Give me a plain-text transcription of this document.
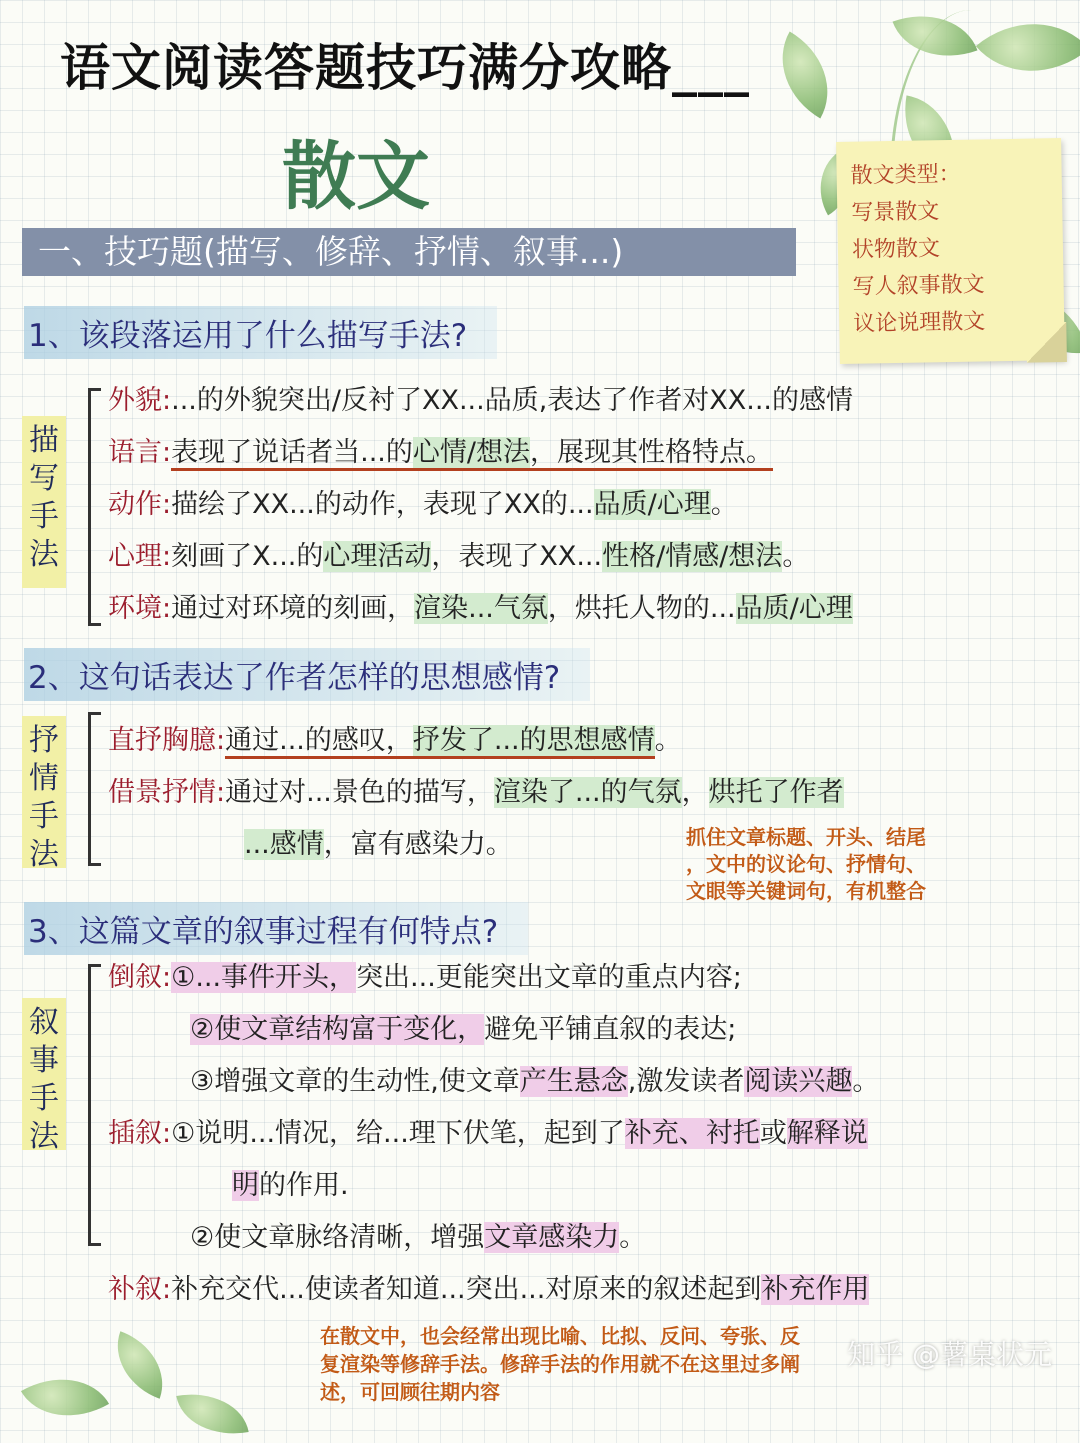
语文阅读答题技巧满分攻略___
散文	散文类型：
写景散文
状物散文
写人叙事散文
议论说理散文
一、技巧题(描写、修辞、抒情、叙事...)
1、该段落运用了什么描写手法?
描
写
手
法
外貌:...的外貌突出/反衬了XX...品质,表达了作者对XX...的感情
语言:表现了说话者当...的心情/想法，展现其性格特点。
动作:描绘了XX...的动作，表现了XX的...品质/心理。
心理:刻画了X...的心理活动，表现了XX...性格/情感/想法。
环境:通过对环境的刻画，渲染...气氛，烘托人物的...品质/心理
2、这句话表达了作者怎样的思想感情?
抒
情
手
法
直抒胸臆:通过...的感叹，抒发了...的思想感情。
借景抒情:通过对...景色的描写，渲染了...的气氛，烘托了作者
...感情，富有感染力。	抓住文章标题、开头、结尾
，文中的议论句、抒情句、
文眼等关键词句，有机整合
3、这篇文章的叙事过程有何特点?
叙
事
手
法
倒叙:①...事件开头，突出...更能突出文章的重点内容;
②使文章结构富于变化，避免平铺直叙的表达;
③增强文章的生动性,使文章产生悬念,激发读者阅读兴趣。
插叙:①说明...情况，给...理下伏笔，起到了补充、衬托或解释说
明的作用.
②使文章脉络清晰，增强文章感染力。
补叙:补充交代...使读者知道...突出...对原来的叙述起到补充作用
在散文中，也会经常出现比喻、比拟、反问、夸张、反
复渲染等修辞手法。修辞手法的作用就不在这里过多阐
述，可回顾往期内容
知乎 @薯桌状元
